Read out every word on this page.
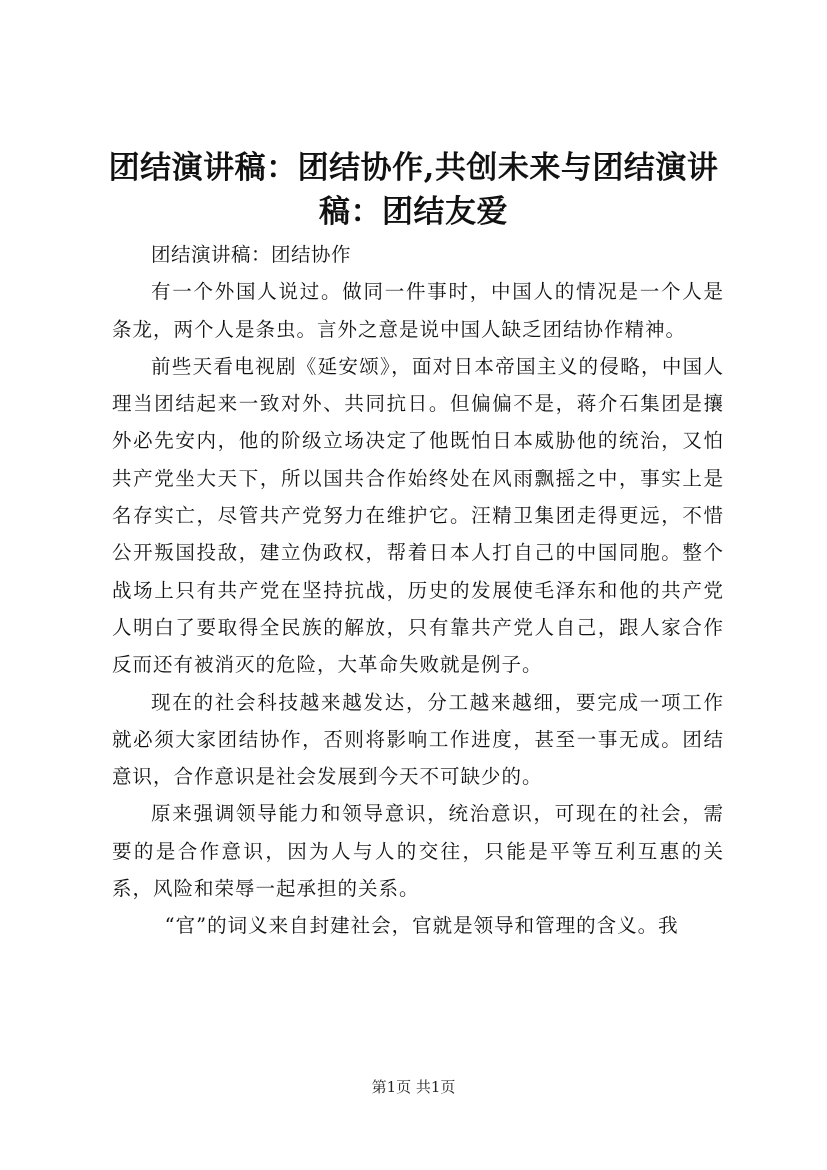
团结演讲稿：团结协作,共创未来与团结演讲稿：团结友爱

团结演讲稿：团结协作

有一个外国人说过。做同一件事时，中国人的情况是一个人是条龙，两个人是条虫。言外之意是说中国人缺乏团结协作精神。

前些天看电视剧《延安颂》，面对日本帝国主义的侵略，中国人理当团结起来一致对外、共同抗日。但偏偏不是，蒋介石集团是攘外必先安内，他的阶级立场决定了他既怕日本威胁他的统治，又怕共产党坐大天下，所以国共合作始终处在风雨飘摇之中，事实上是名存实亡，尽管共产党努力在维护它。汪精卫集团走得更远，不惜公开叛国投敌，建立伪政权，帮着日本人打自己的中国同胞。整个战场上只有共产党在坚持抗战，历史的发展使毛泽东和他的共产党人明白了要取得全民族的解放，只有靠共产党人自己，跟人家合作反而还有被消灭的危险，大革命失败就是例子。

现在的社会科技越来越发达，分工越来越细，要完成一项工作就必须大家团结协作，否则将影响工作进度，甚至一事无成。团结意识，合作意识是社会发展到今天不可缺少的。

原来强调领导能力和领导意识，统治意识，可现在的社会，需要的是合作意识，因为人与人的交往，只能是平等互利互惠的关系，风险和荣辱一起承担的关系。

“官”的词义来自封建社会，官就是领导和管理的含义。我

第1页 共1页
